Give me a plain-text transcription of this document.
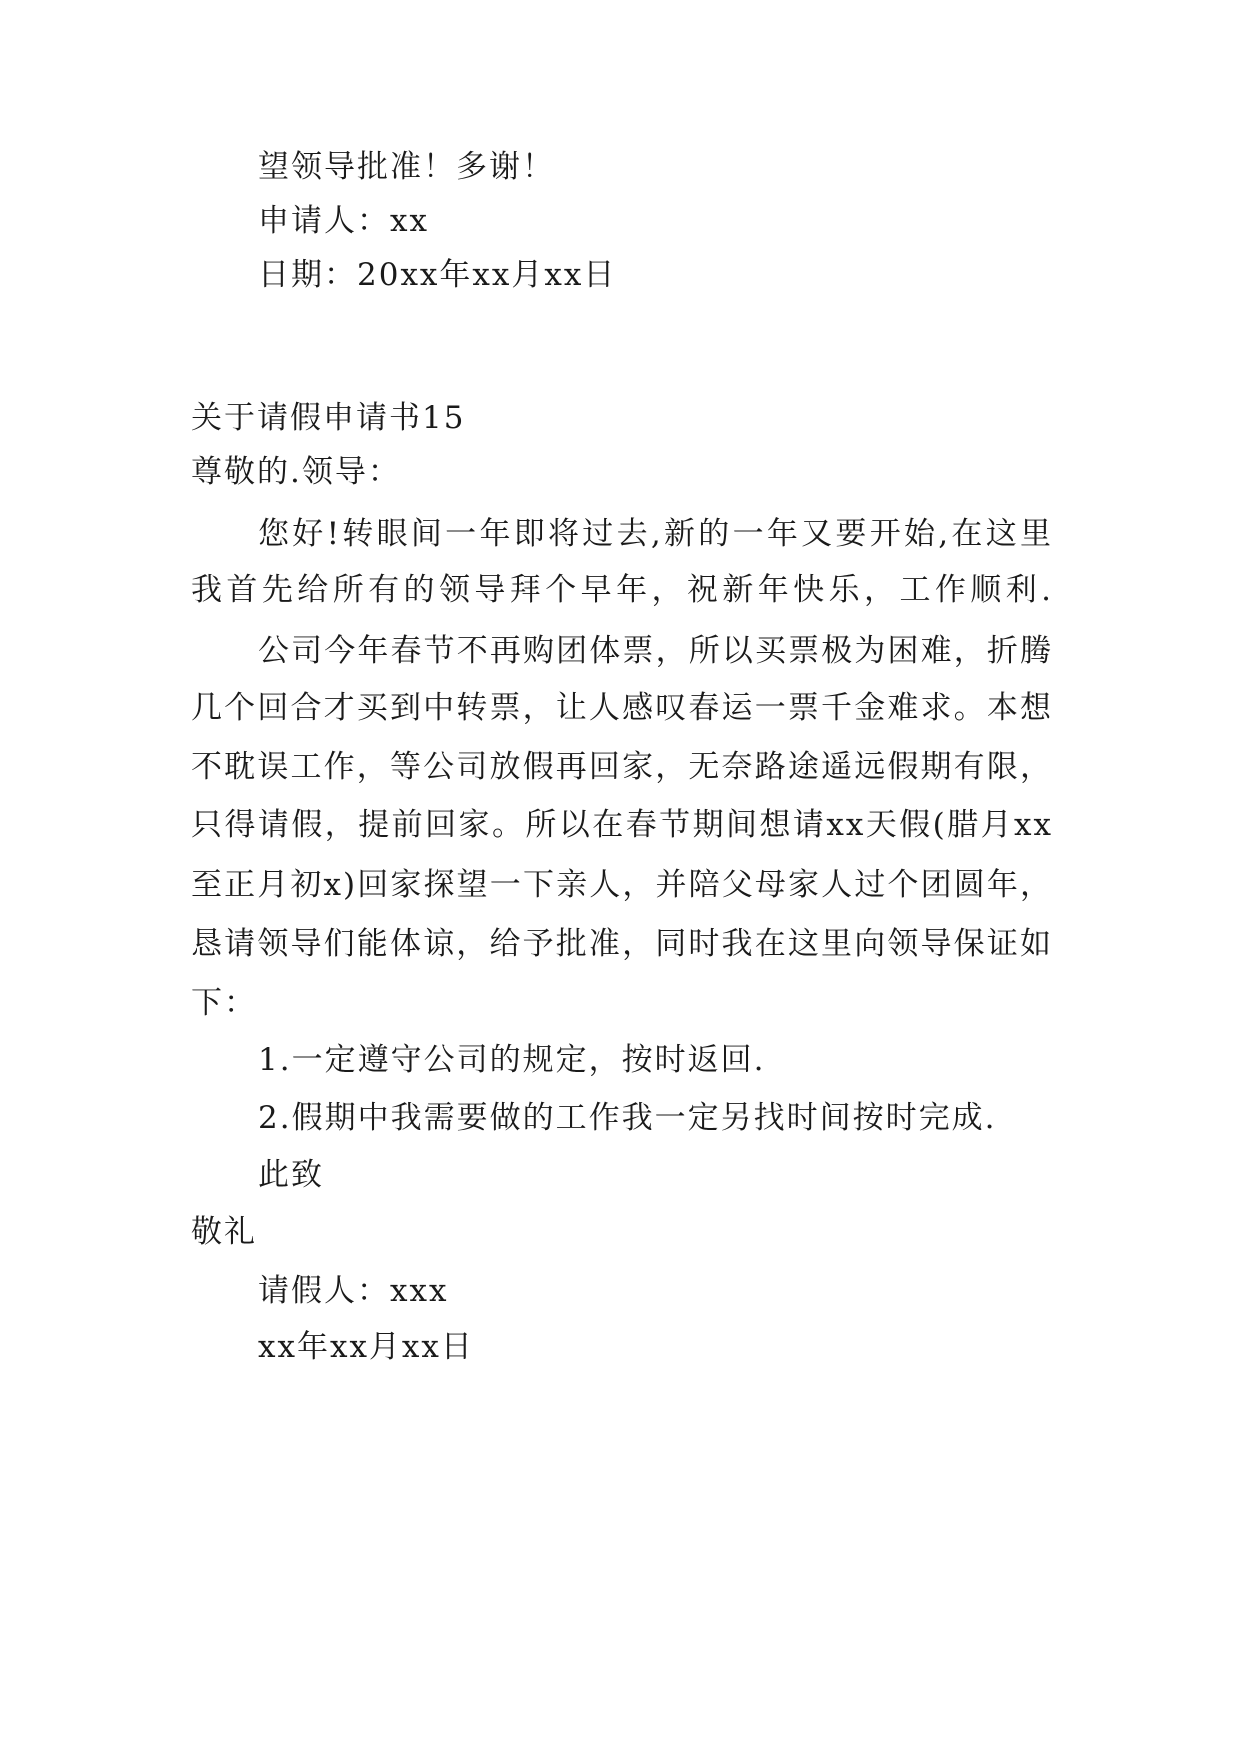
望领导批准！多谢！
申请人：xx
日期：20xx年xx月xx日
关于请假申请书15
尊敬的.领导：
您好!转眼间一年即将过去,新的一年又要开始,在这里
我首先给所有的领导拜个早年，祝新年快乐，工作顺利.
公司今年春节不再购团体票，所以买票极为困难，折腾
几个回合才买到中转票，让人感叹春运一票千金难求。本想
不耽误工作，等公司放假再回家，无奈路途遥远假期有限，
只得请假，提前回家。所以在春节期间想请xx天假(腊月xx
至正月初x)回家探望一下亲人，并陪父母家人过个团圆年，
恳请领导们能体谅，给予批准，同时我在这里向领导保证如
下：
1.一定遵守公司的规定，按时返回.
2.假期中我需要做的工作我一定另找时间按时完成.
此致
敬礼
请假人：xxx
xx年xx月xx日
